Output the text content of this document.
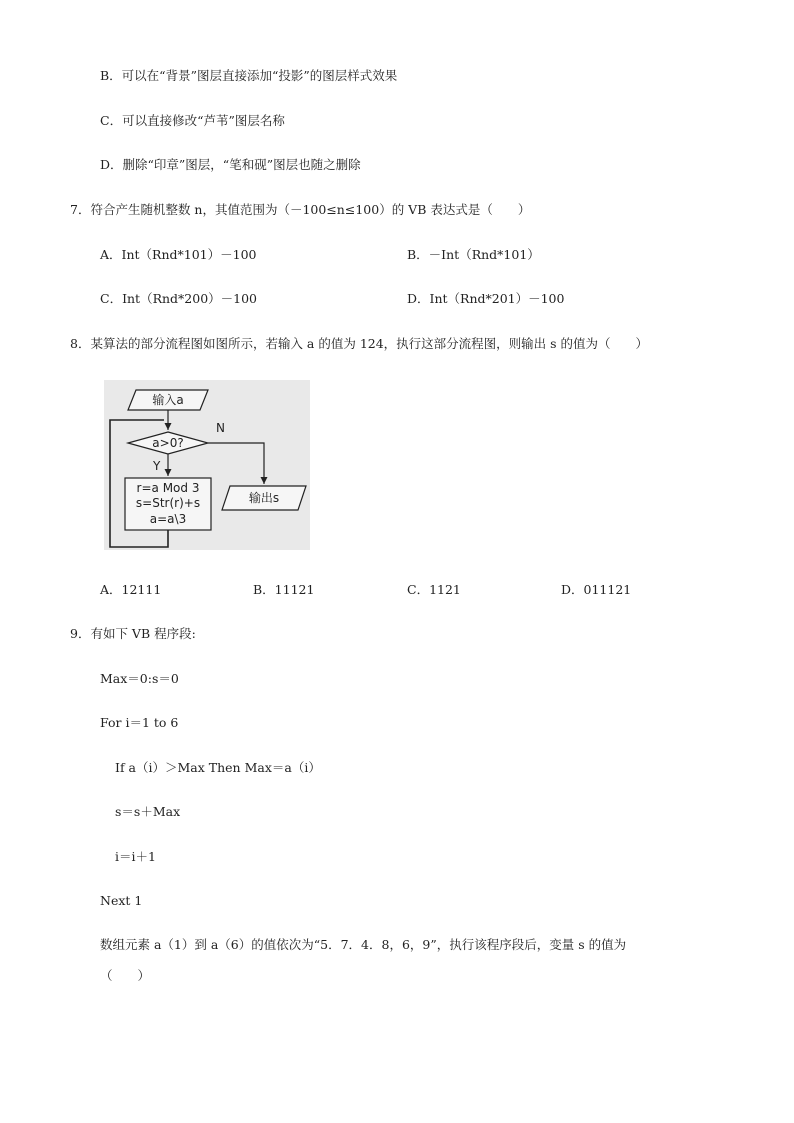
B．可以在“背景”图层直接添加“投影”的图层样式效果
C．可以直接修改“芦苇”图层名称
D．删除“印章”图层，“笔和砚”图层也随之删除
7．符合产生随机整数 n，其值范围为（－100≤n≤100）的 VB 表达式是（　　）
A．Int（Rnd*101）－100	B．－Int（Rnd*101）
C．Int（Rnd*200）－100	D．Int（Rnd*201）－100
8．某算法的部分流程图如图所示，若输入 a 的值为 124，执行这部分流程图，则输出 s 的值为（　　）
输入a
a>0?
N
Y
r=a Mod 3
s=Str(r)+s
a=a\3
输出s
A．12111	B．11121	C．1121	D．011121
9．有如下 VB 程序段:
Max＝0:s＝0
For i＝1 to 6
If a（i）＞Max Then Max＝a（i）
s＝s＋Max
i＝i＋1
Next 1
数组元素 a（1）到 a（6）的值依次为“5．7．4．8，6，9”，执行该程序段后，变量 s 的值为
（　　）
